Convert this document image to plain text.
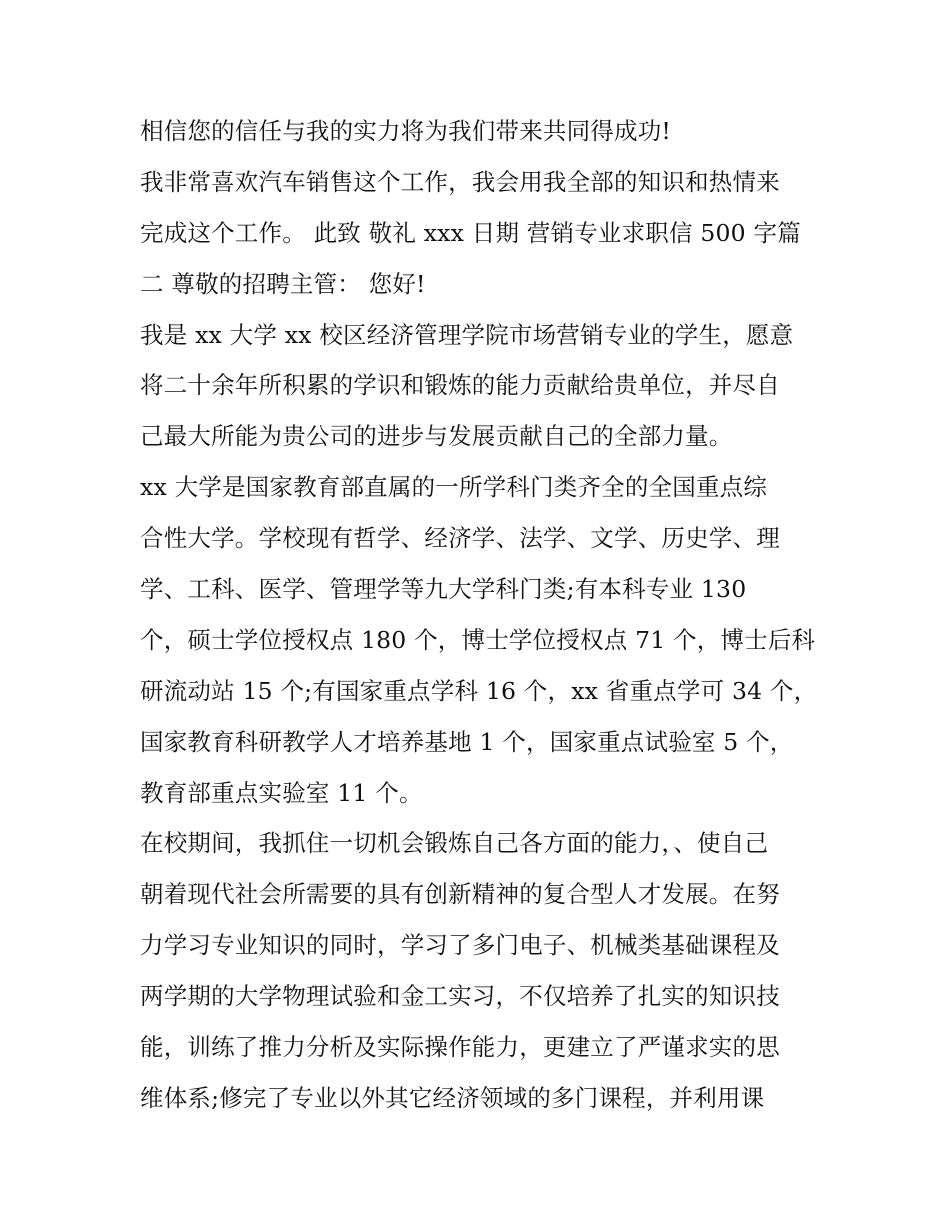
相信您的信任与我的实力将为我们带来共同得成功!
我非常喜欢汽车销售这个工作，我会用我全部的知识和热情来
完成这个工作。 此致 敬礼 xxx 日期 营销专业求职信 500 字篇
二 尊敬的招聘主管： 您好!
我是 xx 大学 xx 校区经济管理学院市场营销专业的学生，愿意
将二十余年所积累的学识和锻炼的能力贡献给贵单位，并尽自
己最大所能为贵公司的进步与发展贡献自己的全部力量。
xx 大学是国家教育部直属的一所学科门类齐全的全国重点综
合性大学。学校现有哲学、经济学、法学、文学、历史学、理
学、工科、医学、管理学等九大学科门类;有本科专业 130
个，硕士学位授权点 180 个，博士学位授权点 71 个，博士后科
研流动站 15 个;有国家重点学科 16 个，xx 省重点学可 34 个，
国家教育科研教学人才培养基地 1 个，国家重点试验室 5 个，
教育部重点实验室 11 个。
在校期间，我抓住一切机会锻炼自己各方面的能力，、使自己
朝着现代社会所需要的具有创新精神的复合型人才发展。在努
力学习专业知识的同时，学习了多门电子、机械类基础课程及
两学期的大学物理试验和金工实习，不仅培养了扎实的知识技
能，训练了推力分析及实际操作能力，更建立了严谨求实的思
维体系;修完了专业以外其它经济领域的多门课程，并利用课
